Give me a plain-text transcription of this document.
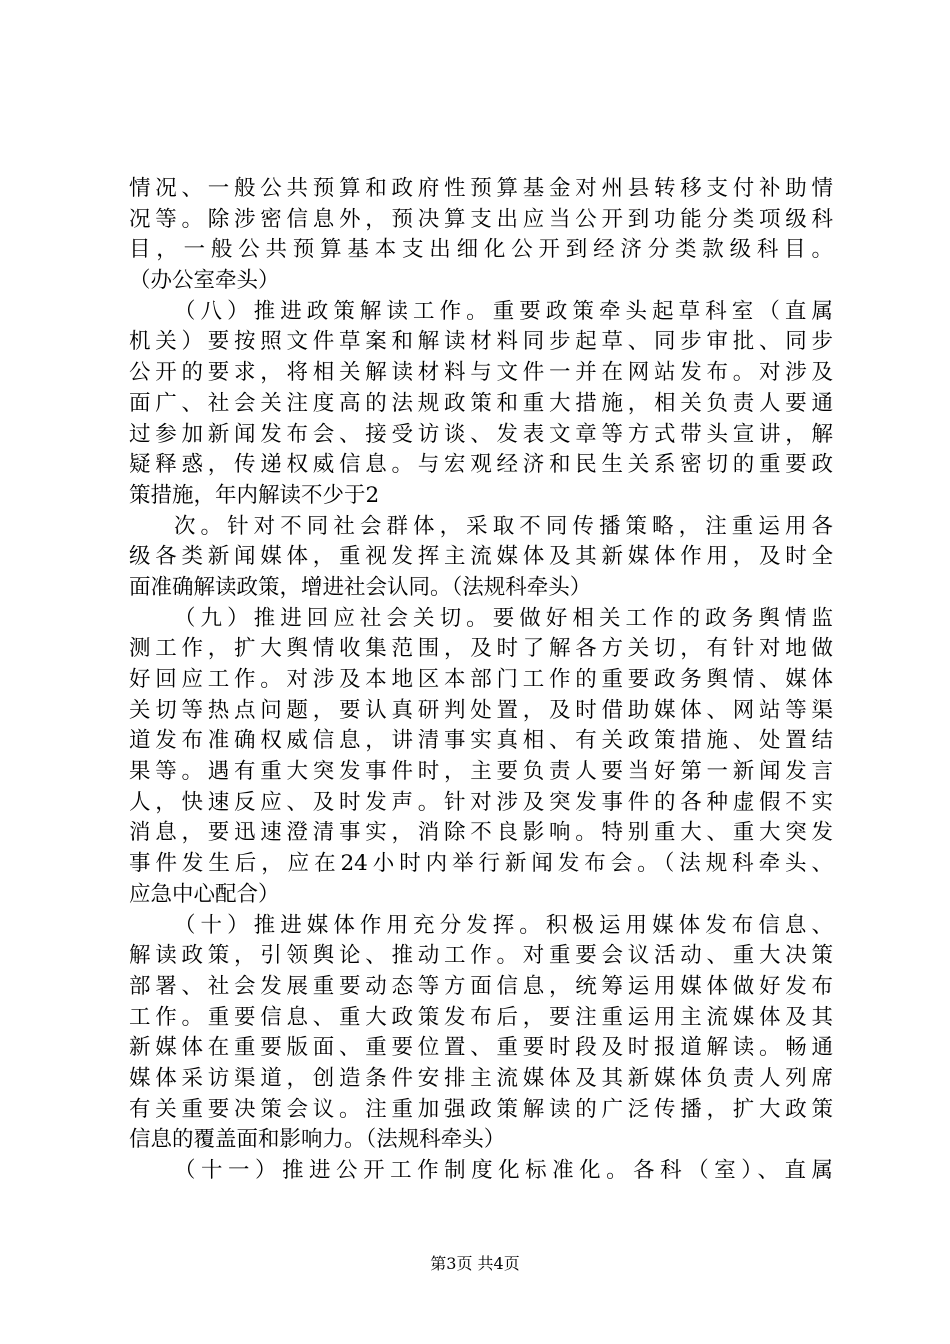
情况、一般公共预算和政府性预算基金对州县转移支付补助情
况等。除涉密信息外，预决算支出应当公开到功能分类项级科
目，一般公共预算基本支出细化公开到经济分类款级科目。
（办公室牵头）
（八）推进政策解读工作。重要政策牵头起草科室（直属
机关）要按照文件草案和解读材料同步起草、同步审批、同步
公开的要求，将相关解读材料与文件一并在网站发布。对涉及
面广、社会关注度高的法规政策和重大措施，相关负责人要通
过参加新闻发布会、接受访谈、发表文章等方式带头宣讲，解
疑释惑，传递权威信息。与宏观经济和民生关系密切的重要政
策措施，年内解读不少于2
次。针对不同社会群体，采取不同传播策略，注重运用各
级各类新闻媒体，重视发挥主流媒体及其新媒体作用，及时全
面准确解读政策，增进社会认同。（法规科牵头）
（九）推进回应社会关切。要做好相关工作的政务舆情监
测工作，扩大舆情收集范围，及时了解各方关切，有针对地做
好回应工作。对涉及本地区本部门工作的重要政务舆情、媒体
关切等热点问题，要认真研判处置，及时借助媒体、网站等渠
道发布准确权威信息，讲清事实真相、有关政策措施、处置结
果等。遇有重大突发事件时，主要负责人要当好第一新闻发言
人，快速反应、及时发声。针对涉及突发事件的各种虚假不实
消息，要迅速澄清事实，消除不良影响。特别重大、重大突发
事件发生后，应在24小时内举行新闻发布会。（法规科牵头、
应急中心配合）
（十）推进媒体作用充分发挥。积极运用媒体发布信息、
解读政策，引领舆论、推动工作。对重要会议活动、重大决策
部署、社会发展重要动态等方面信息，统筹运用媒体做好发布
工作。重要信息、重大政策发布后，要注重运用主流媒体及其
新媒体在重要版面、重要位置、重要时段及时报道解读。畅通
媒体采访渠道，创造条件安排主流媒体及其新媒体负责人列席
有关重要决策会议。注重加强政策解读的广泛传播，扩大政策
信息的覆盖面和影响力。（法规科牵头）
（十一）推进公开工作制度化标准化。各科（室）、直属
第3页 共4页
